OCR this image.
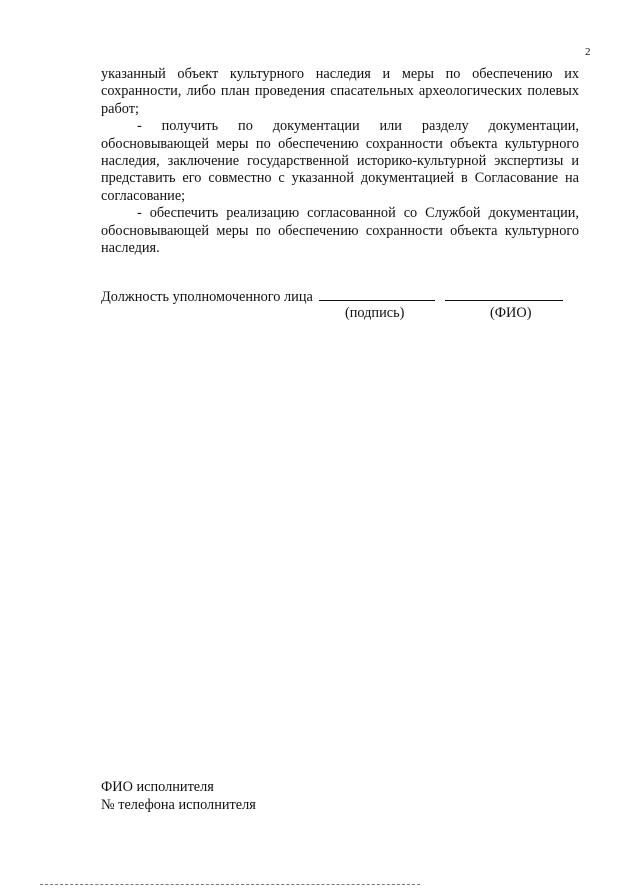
2

указанный объект культурного наследия и меры по обеспечению их сохранности, либо план проведения спасательных археологических полевых работ;

- получить по документации или разделу документации, обосновывающей меры по обеспечению сохранности объекта культурного наследия, заключение государственной историко-культурной экспертизы и представить его совместно с указанной документацией в Согласование на согласование;

- обеспечить реализацию согласованной со Службой документации, обосновывающей меры по обеспечению сохранности объекта культурного наследия.

Должность уполномоченного лица
(подпись)	(ФИО)
ФИО исполнителя
№ телефона исполнителя
